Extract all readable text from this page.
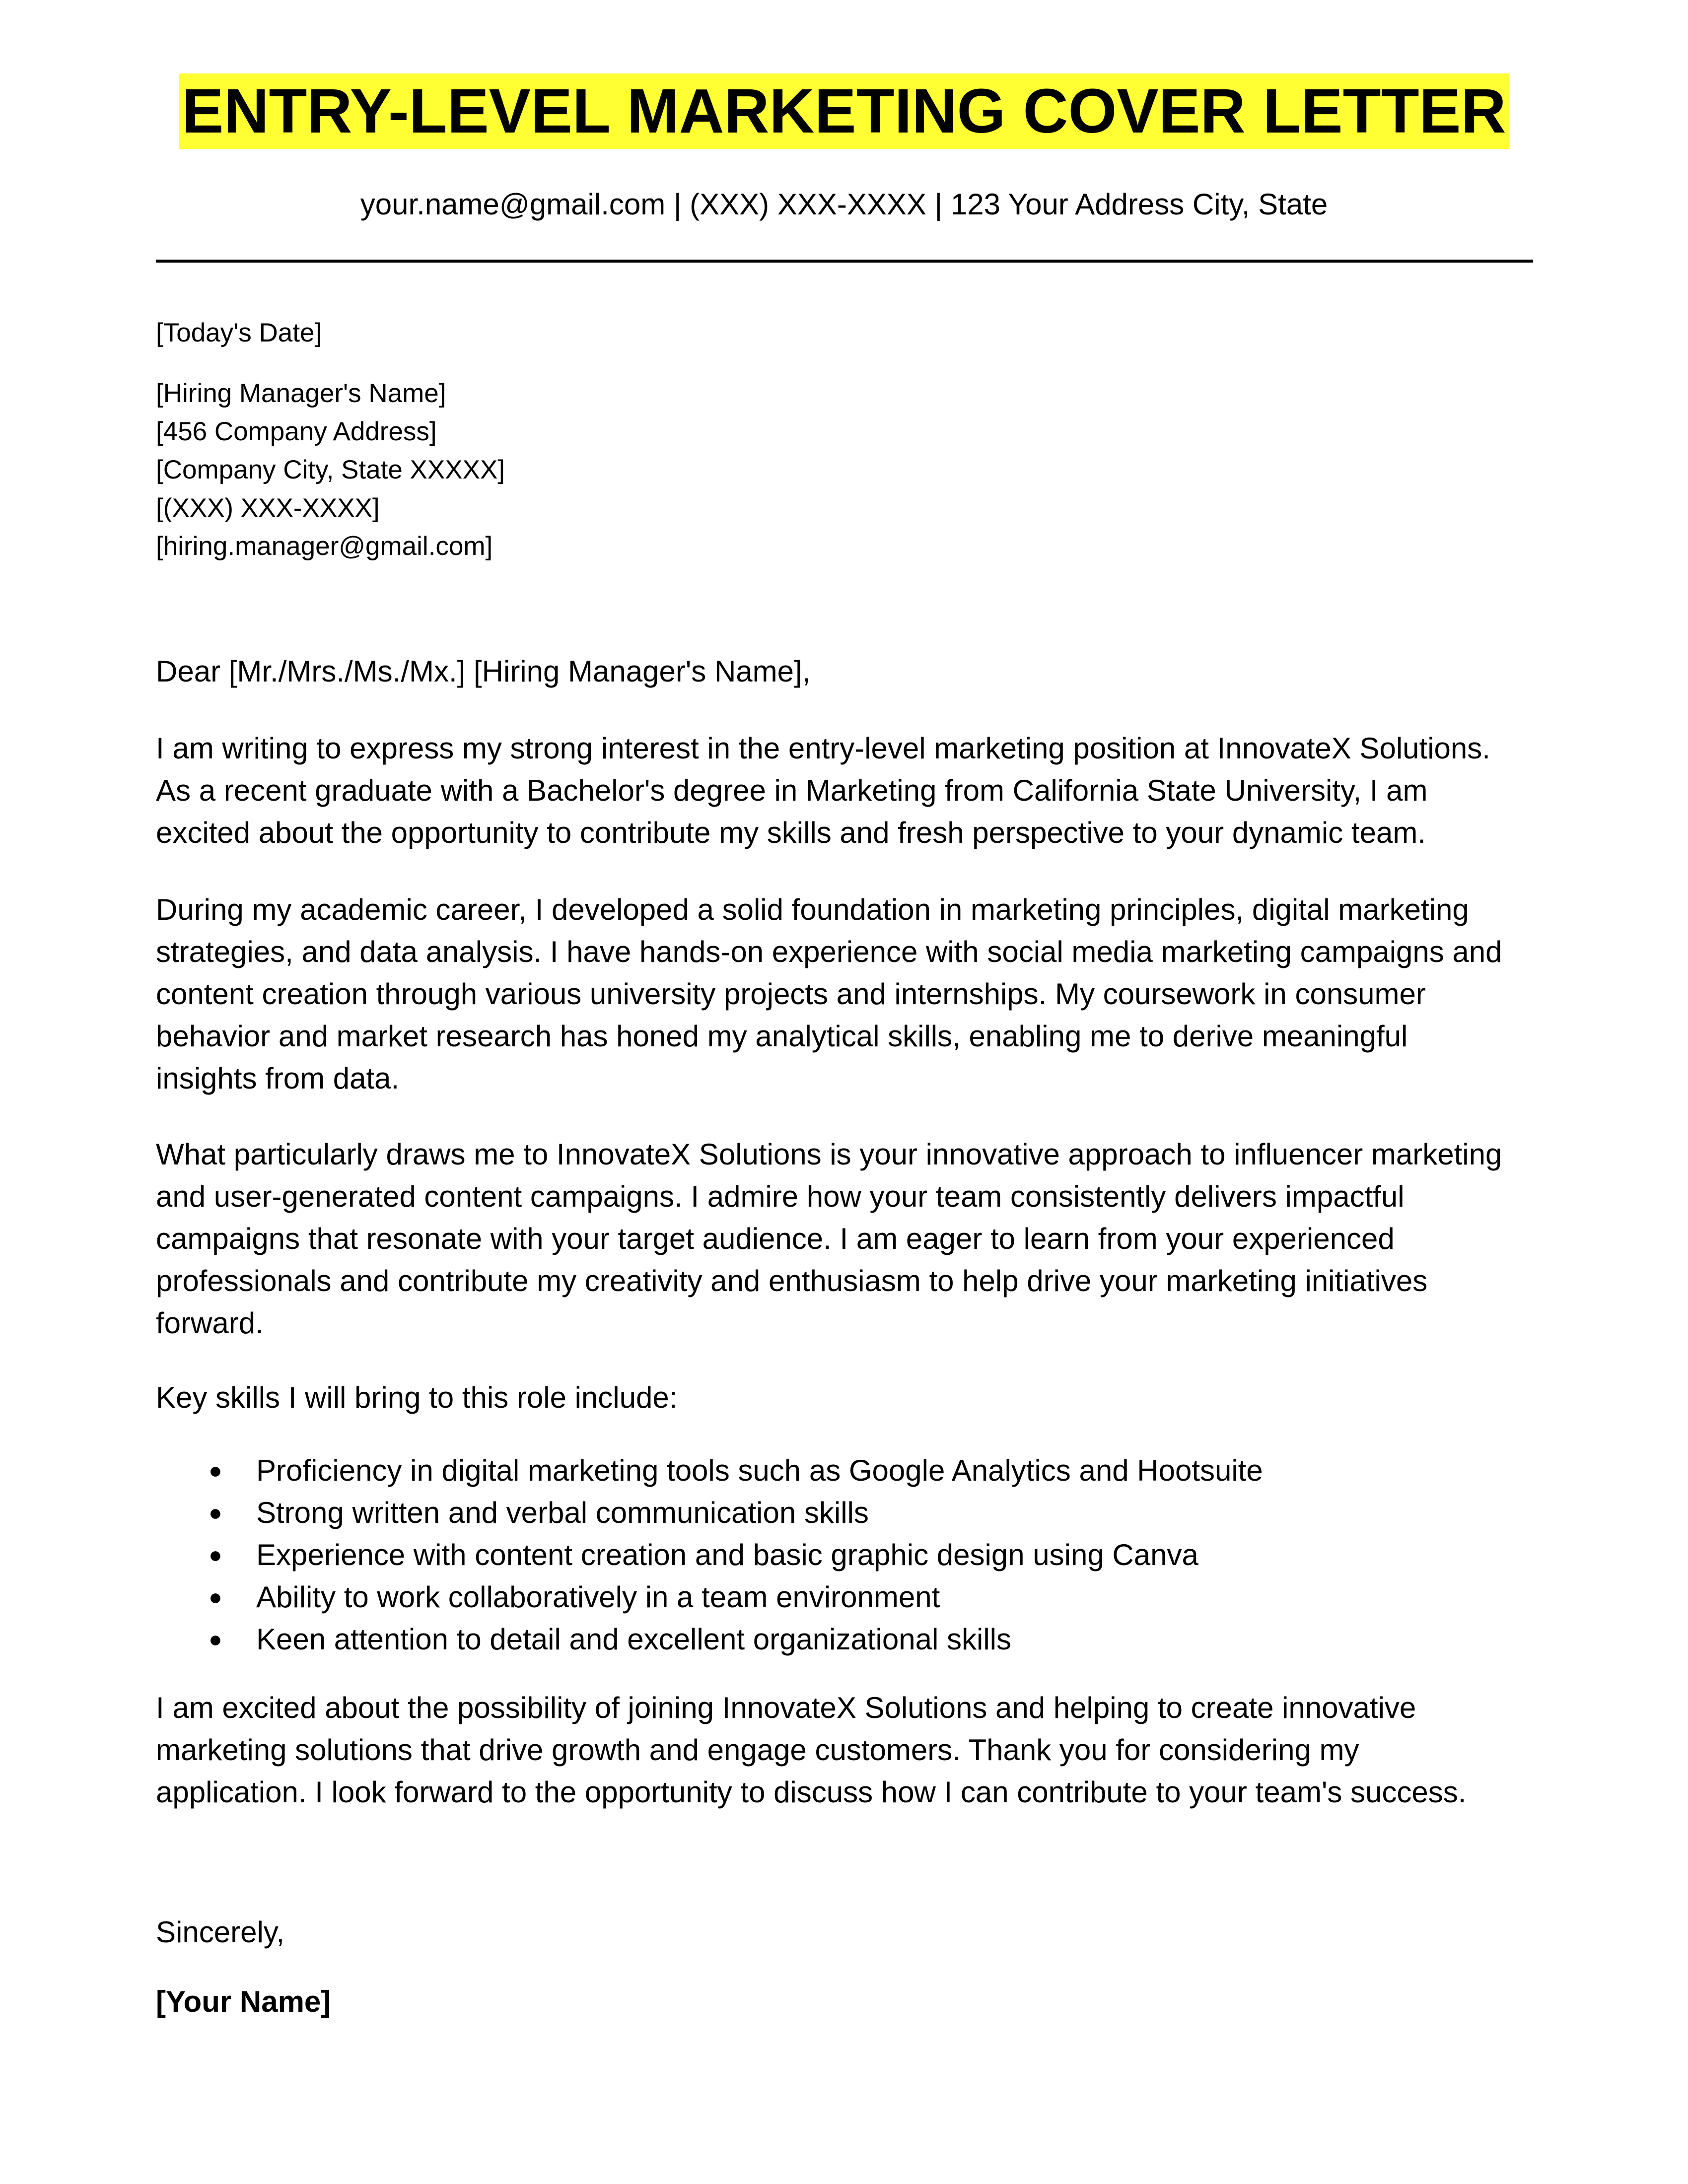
ENTRY-LEVEL MARKETING COVER LETTER
your.name@gmail.com | (XXX) XXX-XXXX | 123 Your Address City, State
[Today's Date]
[Hiring Manager's Name]
[456 Company Address]
[Company City, State XXXXX]
[(XXX) XXX-XXXX]
[hiring.manager@gmail.com]
Dear [Mr./Mrs./Ms./Mx.] [Hiring Manager's Name],
I am writing to express my strong interest in the entry-level marketing position at InnovateX Solutions.
As a recent graduate with a Bachelor's degree in Marketing from California State University, I am
excited about the opportunity to contribute my skills and fresh perspective to your dynamic team.
During my academic career, I developed a solid foundation in marketing principles, digital marketing
strategies, and data analysis. I have hands-on experience with social media marketing campaigns and
content creation through various university projects and internships. My coursework in consumer
behavior and market research has honed my analytical skills, enabling me to derive meaningful
insights from data.
What particularly draws me to InnovateX Solutions is your innovative approach to influencer marketing
and user-generated content campaigns. I admire how your team consistently delivers impactful
campaigns that resonate with your target audience. I am eager to learn from your experienced
professionals and contribute my creativity and enthusiasm to help drive your marketing initiatives
forward.
Key skills I will bring to this role include:
● Proficiency in digital marketing tools such as Google Analytics and Hootsuite
● Strong written and verbal communication skills
● Experience with content creation and basic graphic design using Canva
● Ability to work collaboratively in a team environment
● Keen attention to detail and excellent organizational skills
I am excited about the possibility of joining InnovateX Solutions and helping to create innovative
marketing solutions that drive growth and engage customers. Thank you for considering my
application. I look forward to the opportunity to discuss how I can contribute to your team's success.
Sincerely,
[Your Name]
